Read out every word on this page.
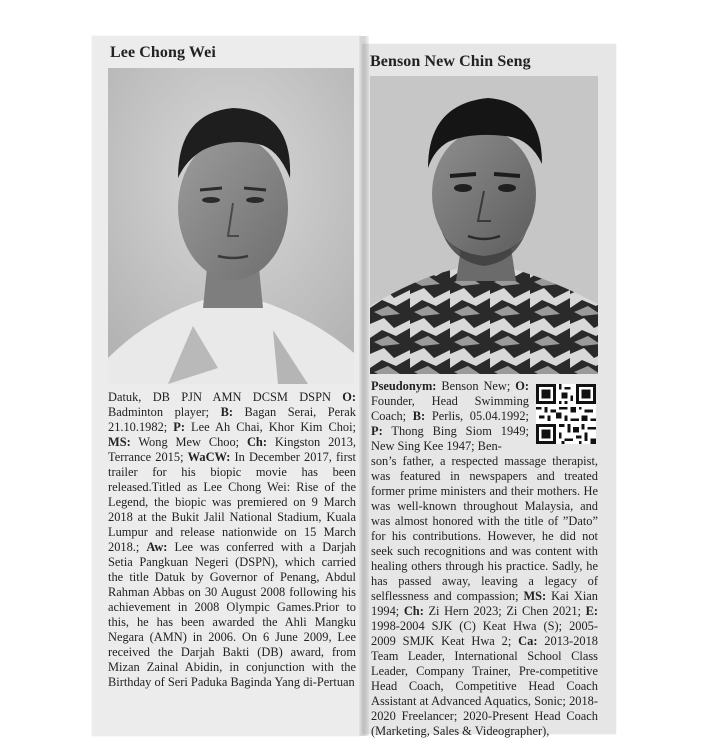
Lee Chong Wei
Benson New Chin Seng

Datuk, DB PJN AMN DCSM DSPN O: Badminton player; B: Bagan Serai, Perak 21.10.1982; P: Lee Ah Chai, Khor Kim Choi; MS: Wong Mew Choo; Ch: Kingston 2013, Terrance 2015; WaCW: In December 2017, first trailer for his biopic movie has been released.Titled as Lee Chong Wei: Rise of the Legend, the biopic was premiered on 9 March 2018 at the Bukit Jalil National Stadium, Kuala Lumpur and release nationwide on 15 March 2018.; Aw: Lee was conferred with a Darjah Setia Pangkuan Negeri (DSPN), which carried the title Datuk by Governor of Penang, Abdul Rahman Abbas on 30 August 2008 following his achievement in 2008 Olympic Games.Prior to this, he has been awarded the Ahli Mangku Negara (AMN) in 2006. On 6 June 2009, Lee received the Darjah Bakti (DB) award, from Mizan Zainal Abidin, in conjunction with the Birthday of Seri Paduka Baginda Yang di-Pertuan

Pseudonym: Benson New; O: Founder, Head Swimming Coach; B: Perlis, 05.04.1992; P: Thong Bing Siom 1949; New Sing Kee 1947; Ben-

son’s father, a respected massage therapist, was featured in newspapers and treated former prime ministers and their mothers. He was well-known throughout Malaysia, and was almost honored with the title of ”Dato” for his contributions. However, he did not seek such recognitions and was content with healing others through his practice. Sadly, he has passed away, leaving a legacy of selflessness and compassion; MS: Kai Xian 1994; Ch: Zi Hern 2023; Zi Chen 2021; E: 1998-2004 SJK (C) Keat Hwa (S); 2005-2009 SMJK Keat Hwa 2; Ca: 2013-2018 Team Leader, International School Class Leader, Company Trainer, Pre-competitive Head Coach, Competitive Head Coach Assistant at Advanced Aquatics, Sonic; 2018-2020 Freelancer; 2020-Present Head Coach (Marketing, Sales & Videographer),
